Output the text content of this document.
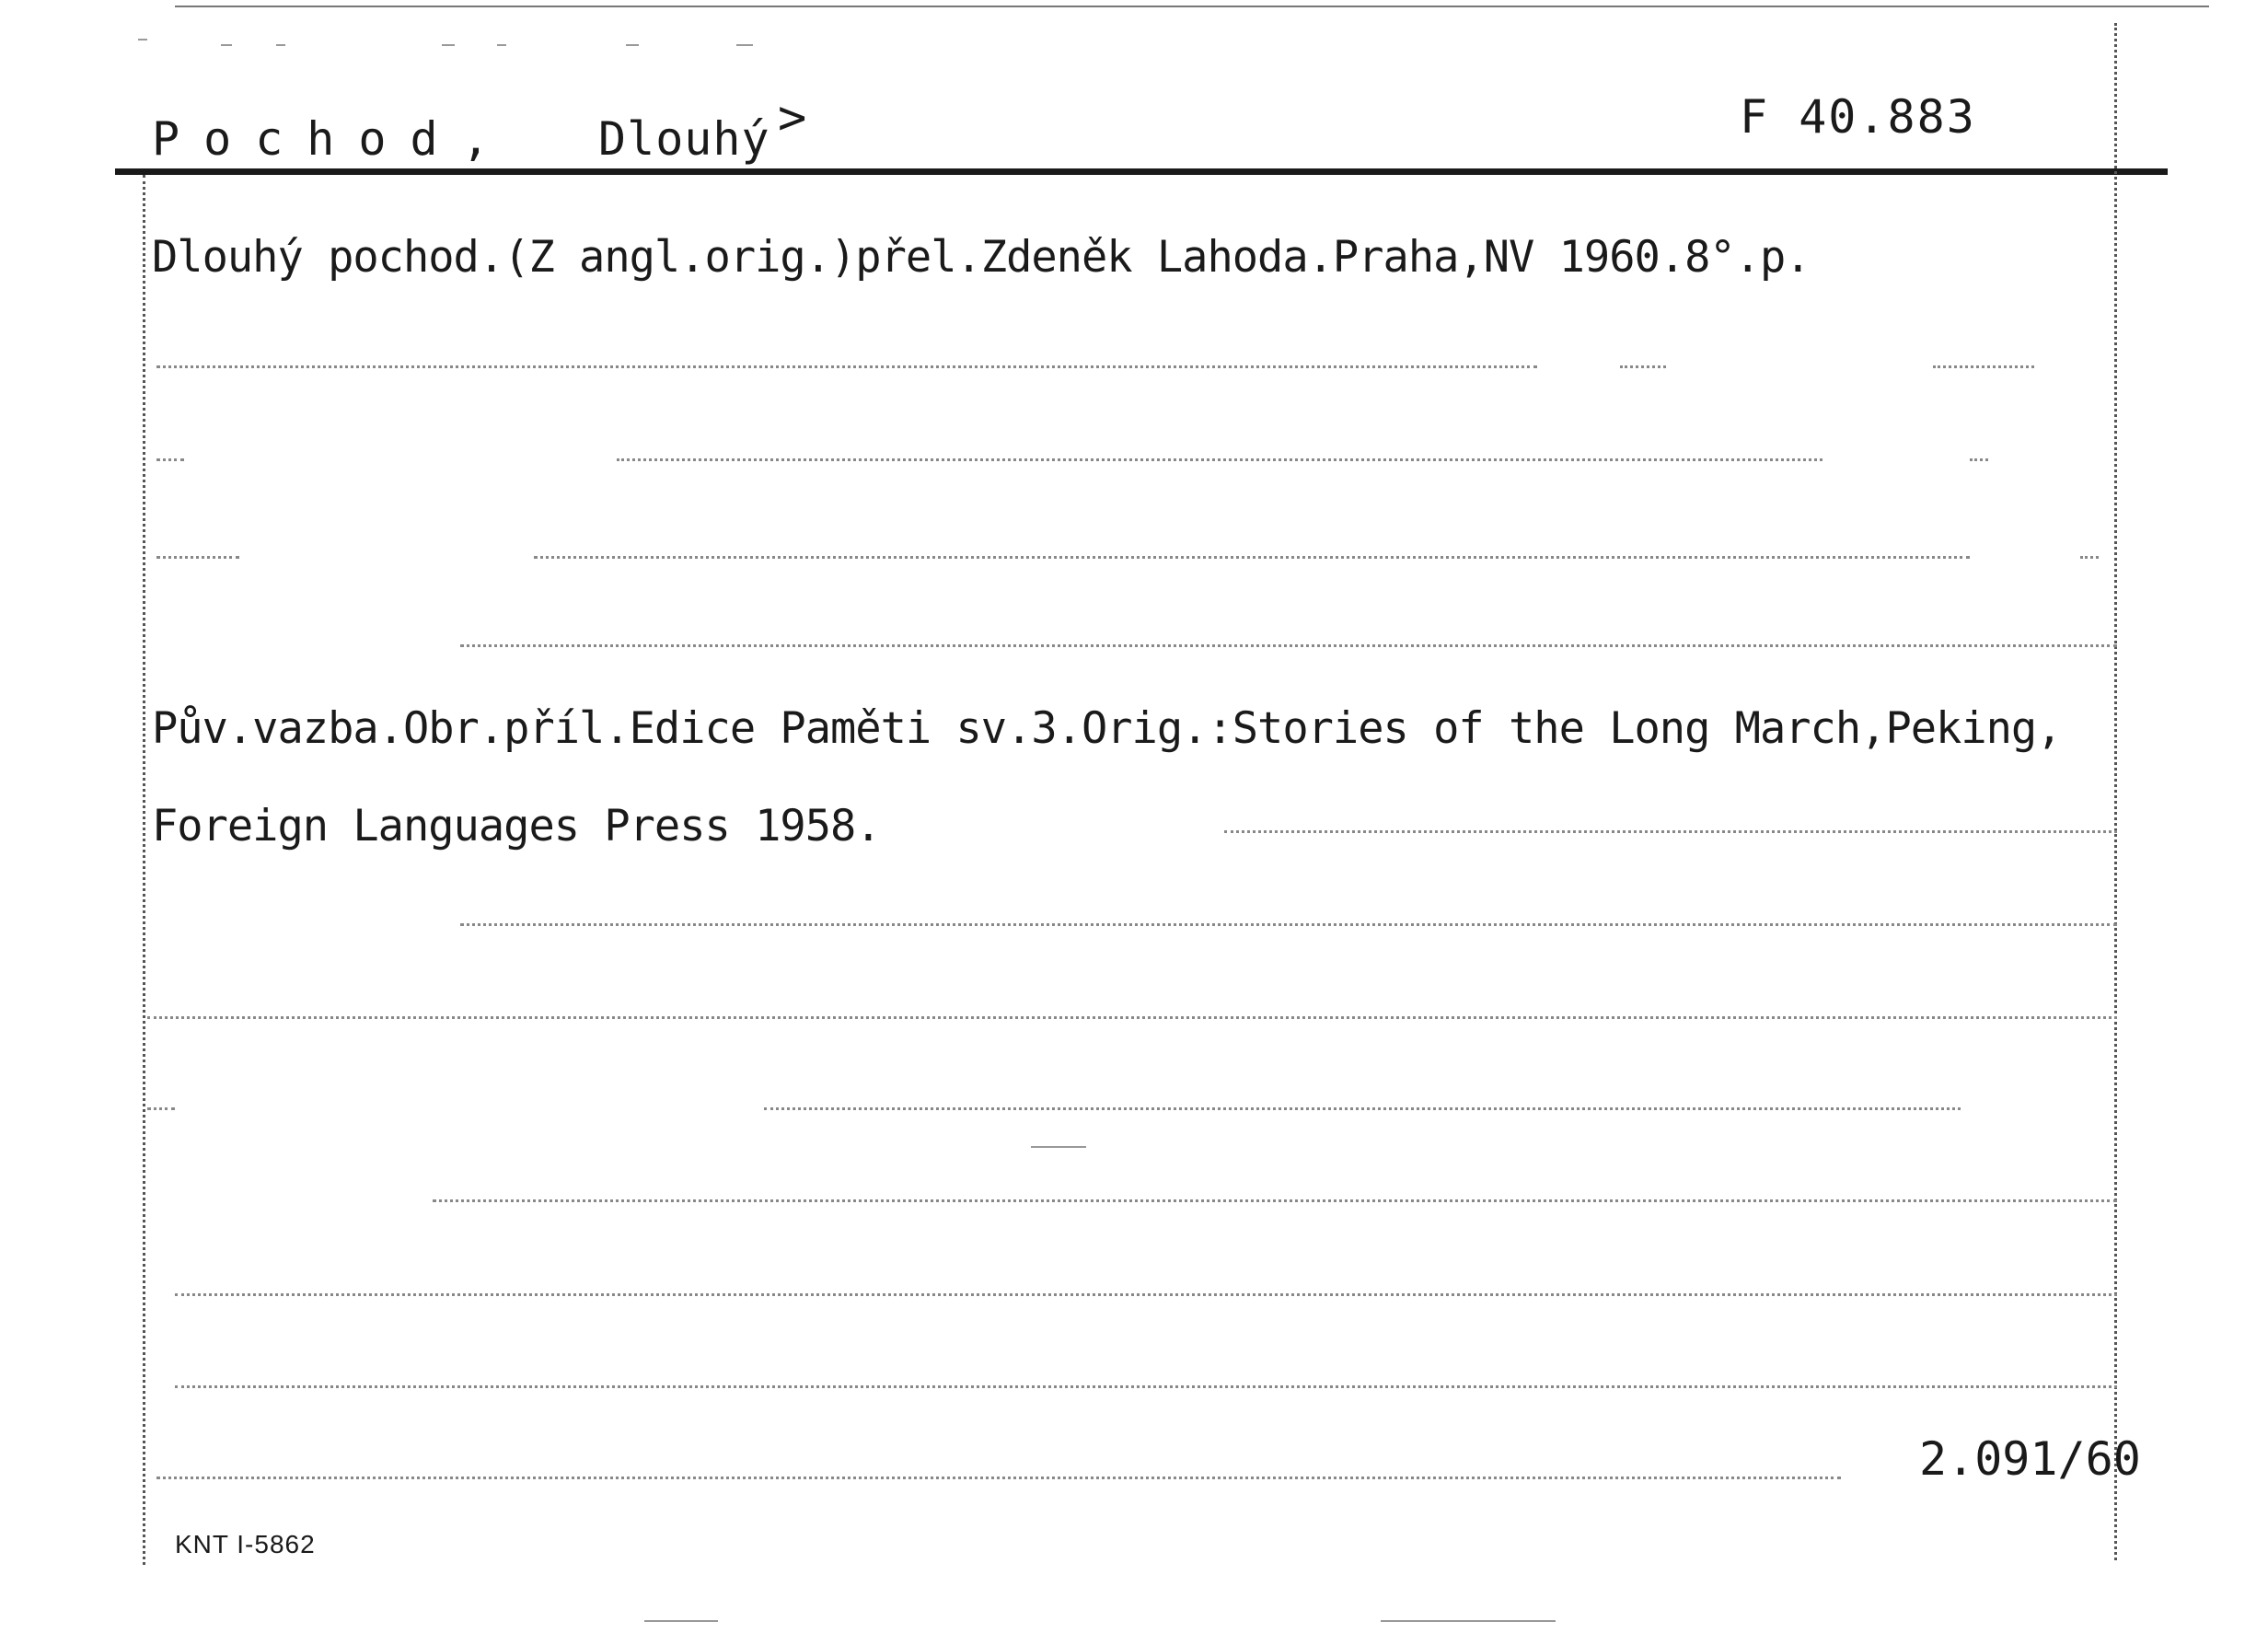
Pochod, Dlouhý >	F 40.883
Dlouhý pochod.(Z angl.orig.)přel.Zdeněk Lahoda.Praha,NV 1960.8°.p.
Pův.vazba.Obr.příl.Edice Paměti sv.3.Orig.:Stories of the Long March,Peking,
Foreign Languages Press 1958.
2.091/60
KNT I-5862
